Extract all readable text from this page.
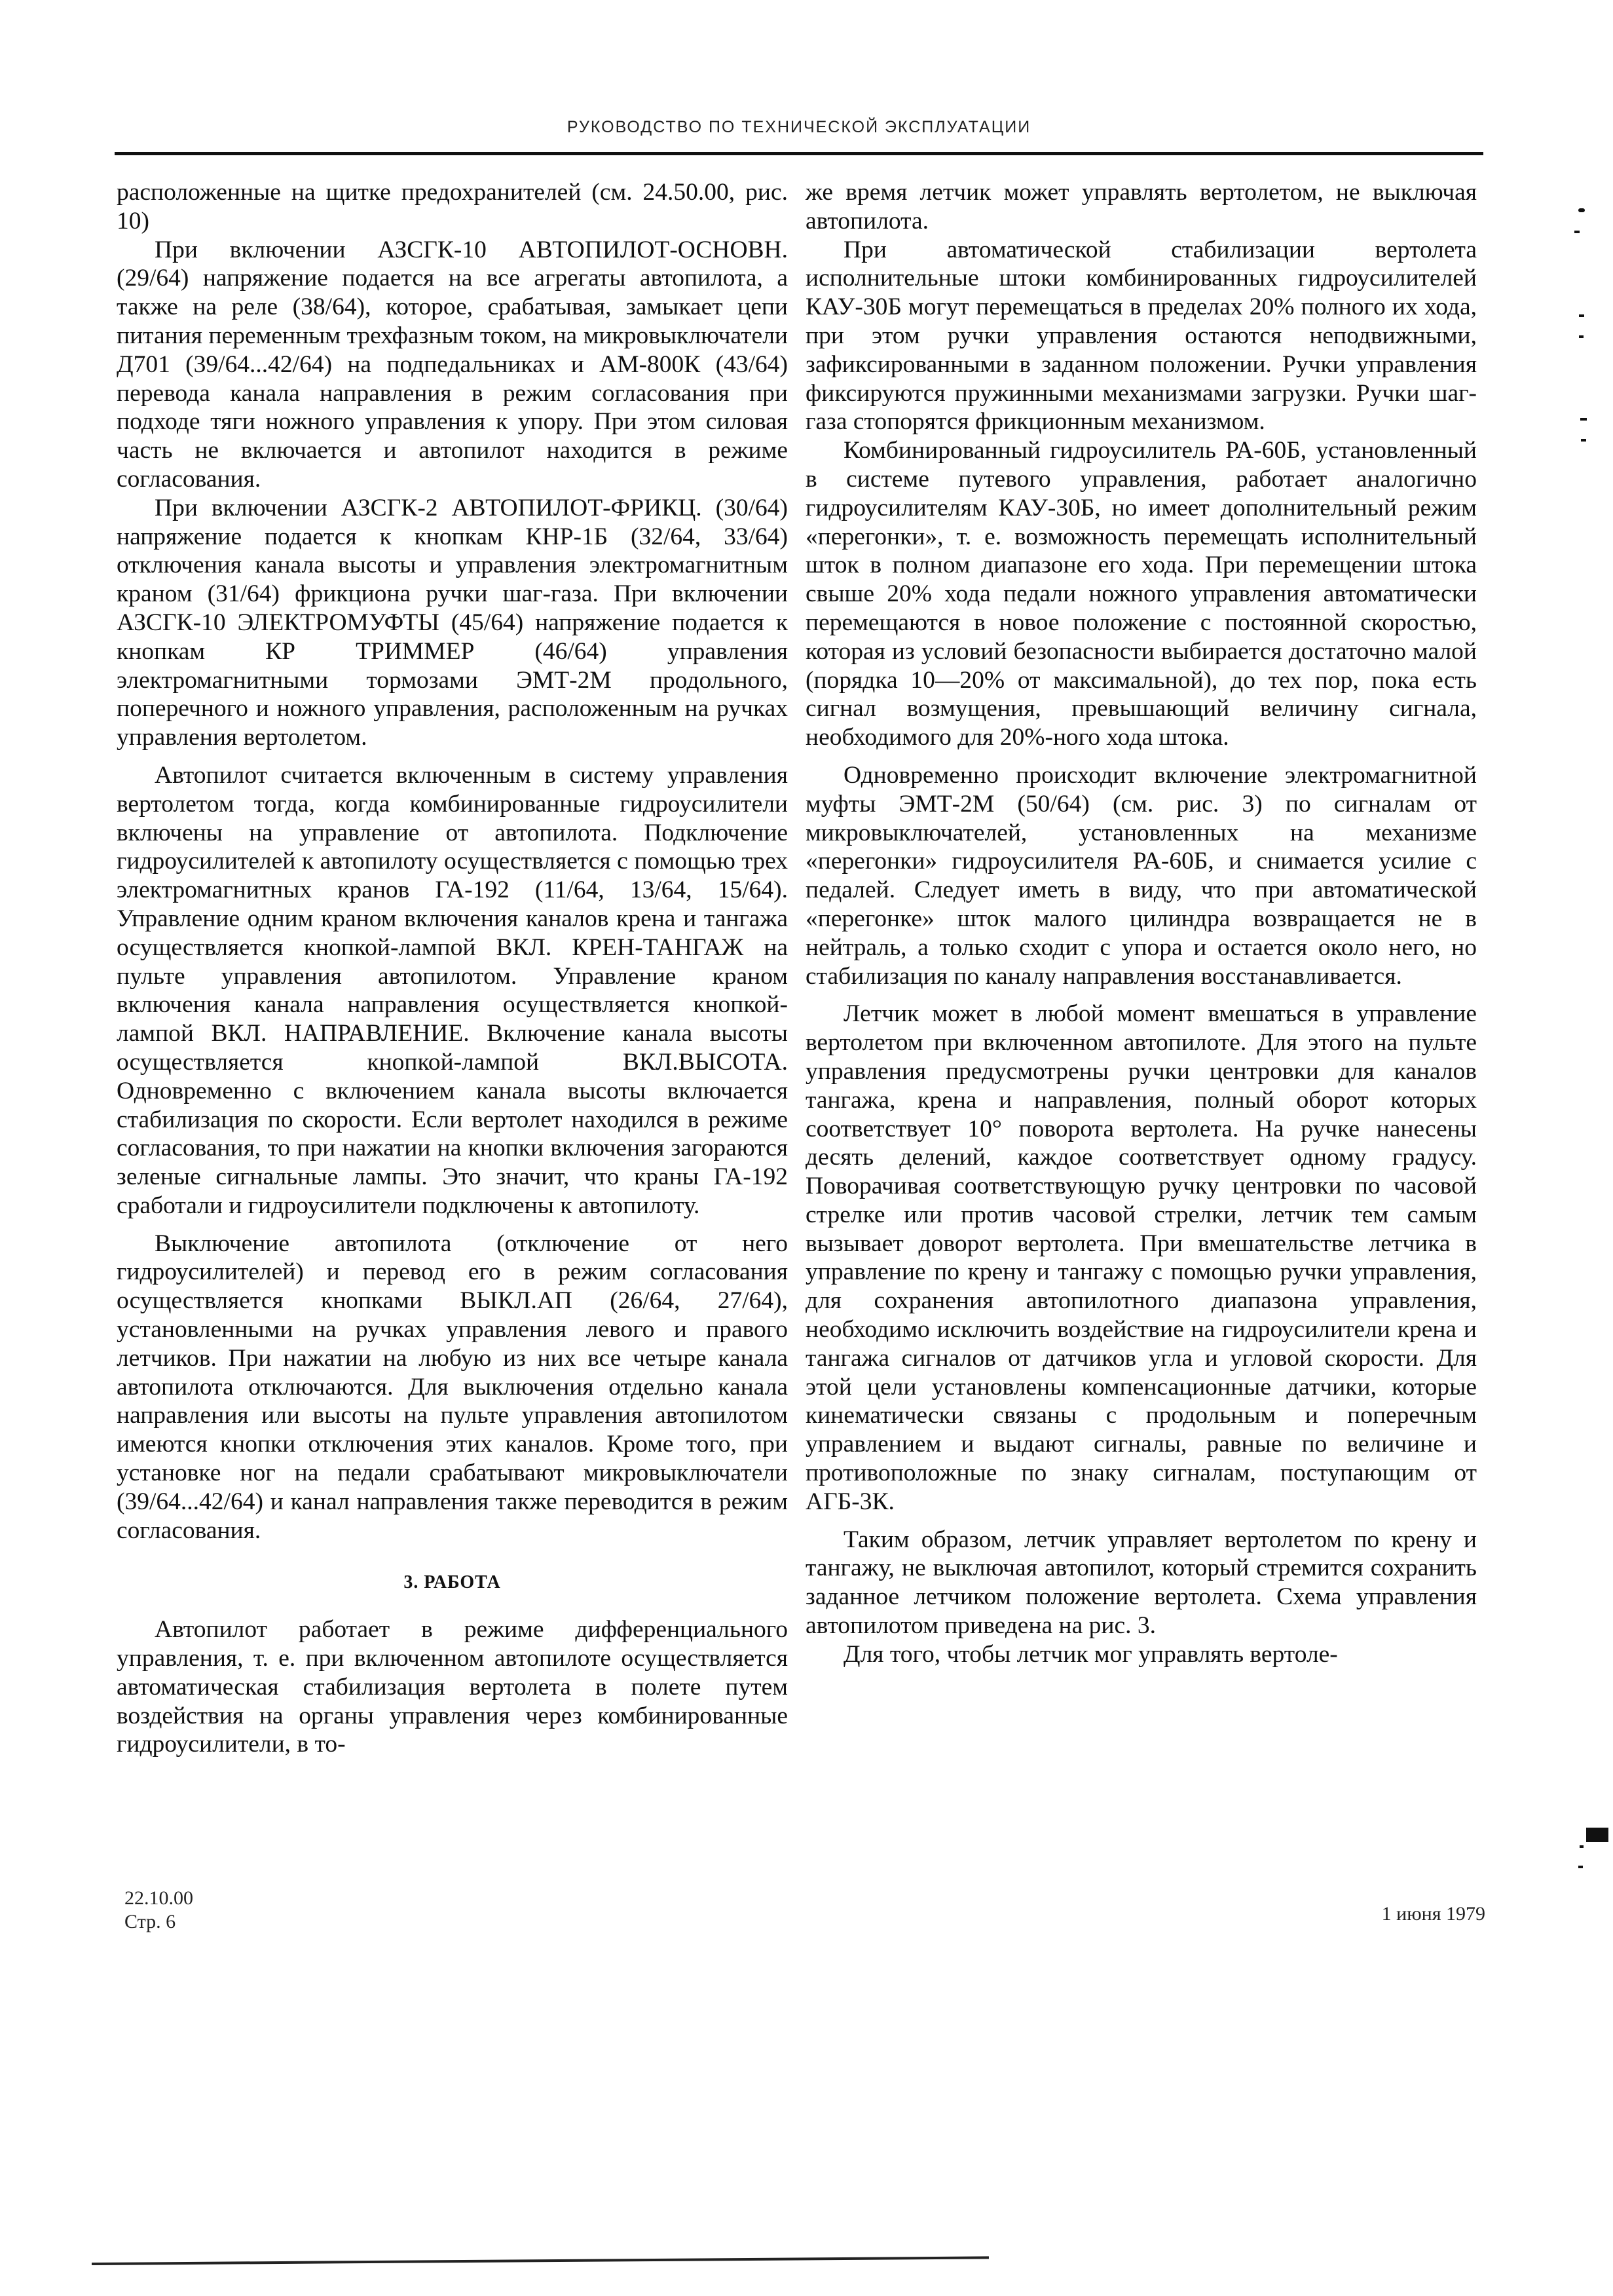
РУКОВОДСТВО ПО ТЕХНИЧЕСКОЙ ЭКСПЛУАТАЦИИ

расположенные на щитке предохранителей (см. 24.50.00, рис. 10)

При включении АЗСГК-10 АВТОПИЛОТ-ОСНОВН. (29/64) напряжение подается на все агрегаты автопилота, а также на реле (38/64), которое, срабатывая, замыкает цепи питания переменным трехфазным током, на микровыключатели Д701 (39/64...42/64) на подпедальниках и АМ-800К (43/64) перевода канала направления в режим согласования при подходе тяги ножного управления к упору. При этом силовая часть не включается и автопилот находится в режиме согласования.

При включении АЗСГК-2 АВТОПИЛОТ-ФРИКЦ. (30/64) напряжение подается к кнопкам КНР-1Б (32/64, 33/64) отключения канала высоты и управления электромагнитным краном (31/64) фрикциона ручки шаг-газа. При включении АЗСГК-10 ЭЛЕКТРОМУФТЫ (45/64) напряжение подается к кнопкам КР ТРИММЕР (46/64) управления электромагнитными тормозами ЭМТ-2М продольного, поперечного и ножного управления, расположенным на ручках управления вертолетом.

Автопилот считается включенным в систему управления вертолетом тогда, когда комбинированные гидроусилители включены на управление от автопилота. Подключение гидроусилителей к автопилоту осуществляется с помощью трех электромагнитных кранов ГА-192 (11/64, 13/64, 15/64). Управление одним краном включения каналов крена и тангажа осуществляется кнопкой-лампой ВКЛ. КРЕН-ТАНГАЖ на пульте управления автопилотом. Управление краном включения канала направления осуществляется кнопкой-лампой ВКЛ. НАПРАВЛЕНИЕ. Включение канала высоты осуществляется кнопкой-лампой ВКЛ.ВЫСОТА. Одновременно с включением канала высоты включается стабилизация по скорости. Если вертолет находился в режиме согласования, то при нажатии на кнопки включения загораются зеленые сигнальные лампы. Это значит, что краны ГА-192 сработали и гидроусилители подключены к автопилоту.

Выключение автопилота (отключение от него гидроусилителей) и перевод его в режим согласования осуществляется кнопками ВЫКЛ.АП (26/64, 27/64), установленными на ручках управления левого и правого летчиков. При нажатии на любую из них все четыре канала автопилота отключаются. Для выключения отдельно канала направления или высоты на пульте управления автопилотом имеются кнопки отключения этих каналов. Кроме того, при установке ног на педали срабатывают микровыключатели (39/64...42/64) и канал направления также переводится в режим согласования.

3. РАБОТА

Автопилот работает в режиме дифференциального управления, т. е. при включенном автопилоте осуществляется автоматическая стабилизация вертолета в полете путем воздействия на органы управления через комбинированные гидроусилители, в то-

же время летчик может управлять вертолетом, не выключая автопилота.

При автоматической стабилизации вертолета исполнительные штоки комбинированных гидроусилителей КАУ-30Б могут перемещаться в пределах 20% полного их хода, при этом ручки управления остаются неподвижными, зафиксированными в заданном положении. Ручки управления фиксируются пружинными механизмами загрузки. Ручки шаг-газа стопорятся фрикционным механизмом.

Комбинированный гидроусилитель РА-60Б, установленный в системе путевого управления, работает аналогично гидроусилителям КАУ-30Б, но имеет дополнительный режим «перегонки», т. е. возможность перемещать исполнительный шток в полном диапазоне его хода. При перемещении штока свыше 20% хода педали ножного управления автоматически перемещаются в новое положение с постоянной скоростью, которая из условий безопасности выбирается достаточно малой (порядка 10—20% от максимальной), до тех пор, пока есть сигнал возмущения, превышающий величину сигнала, необходимого для 20%-ного хода штока.

Одновременно происходит включение электромагнитной муфты ЭМТ-2М (50/64) (см. рис. 3) по сигналам от микровыключателей, установленных на механизме «перегонки» гидроусилителя РА-60Б, и снимается усилие с педалей. Следует иметь в виду, что при автоматической «перегонке» шток малого цилиндра возвращается не в нейтраль, а только сходит с упора и остается около него, но стабилизация по каналу направления восстанавливается.

Летчик может в любой момент вмешаться в управление вертолетом при включенном автопилоте. Для этого на пульте управления предусмотрены ручки центровки для каналов тангажа, крена и направления, полный оборот которых соответствует 10° поворота вертолета. На ручке нанесены десять делений, каждое соответствует одному градусу. Поворачивая соответствующую ручку центровки по часовой стрелке или против часовой стрелки, летчик тем самым вызывает доворот вертолета. При вмешательстве летчика в управление по крену и тангажу с помощью ручки управления, для сохранения автопилотного диапазона управления, необходимо исключить воздействие на гидроусилители крена и тангажа сигналов от датчиков угла и угловой скорости. Для этой цели установлены компенсационные датчики, которые кинематически связаны с продольным и поперечным управлением и выдают сигналы, равные по величине и противоположные по знаку сигналам, поступающим от АГБ-3К.

Таким образом, летчик управляет вертолетом по крену и тангажу, не выключая автопилот, который стремится сохранить заданное летчиком положение вертолета. Схема управления автопилотом приведена на рис. 3.

Для того, чтобы летчик мог управлять вертоле-

22.10.00
Стр. 6	1 июня 1979
